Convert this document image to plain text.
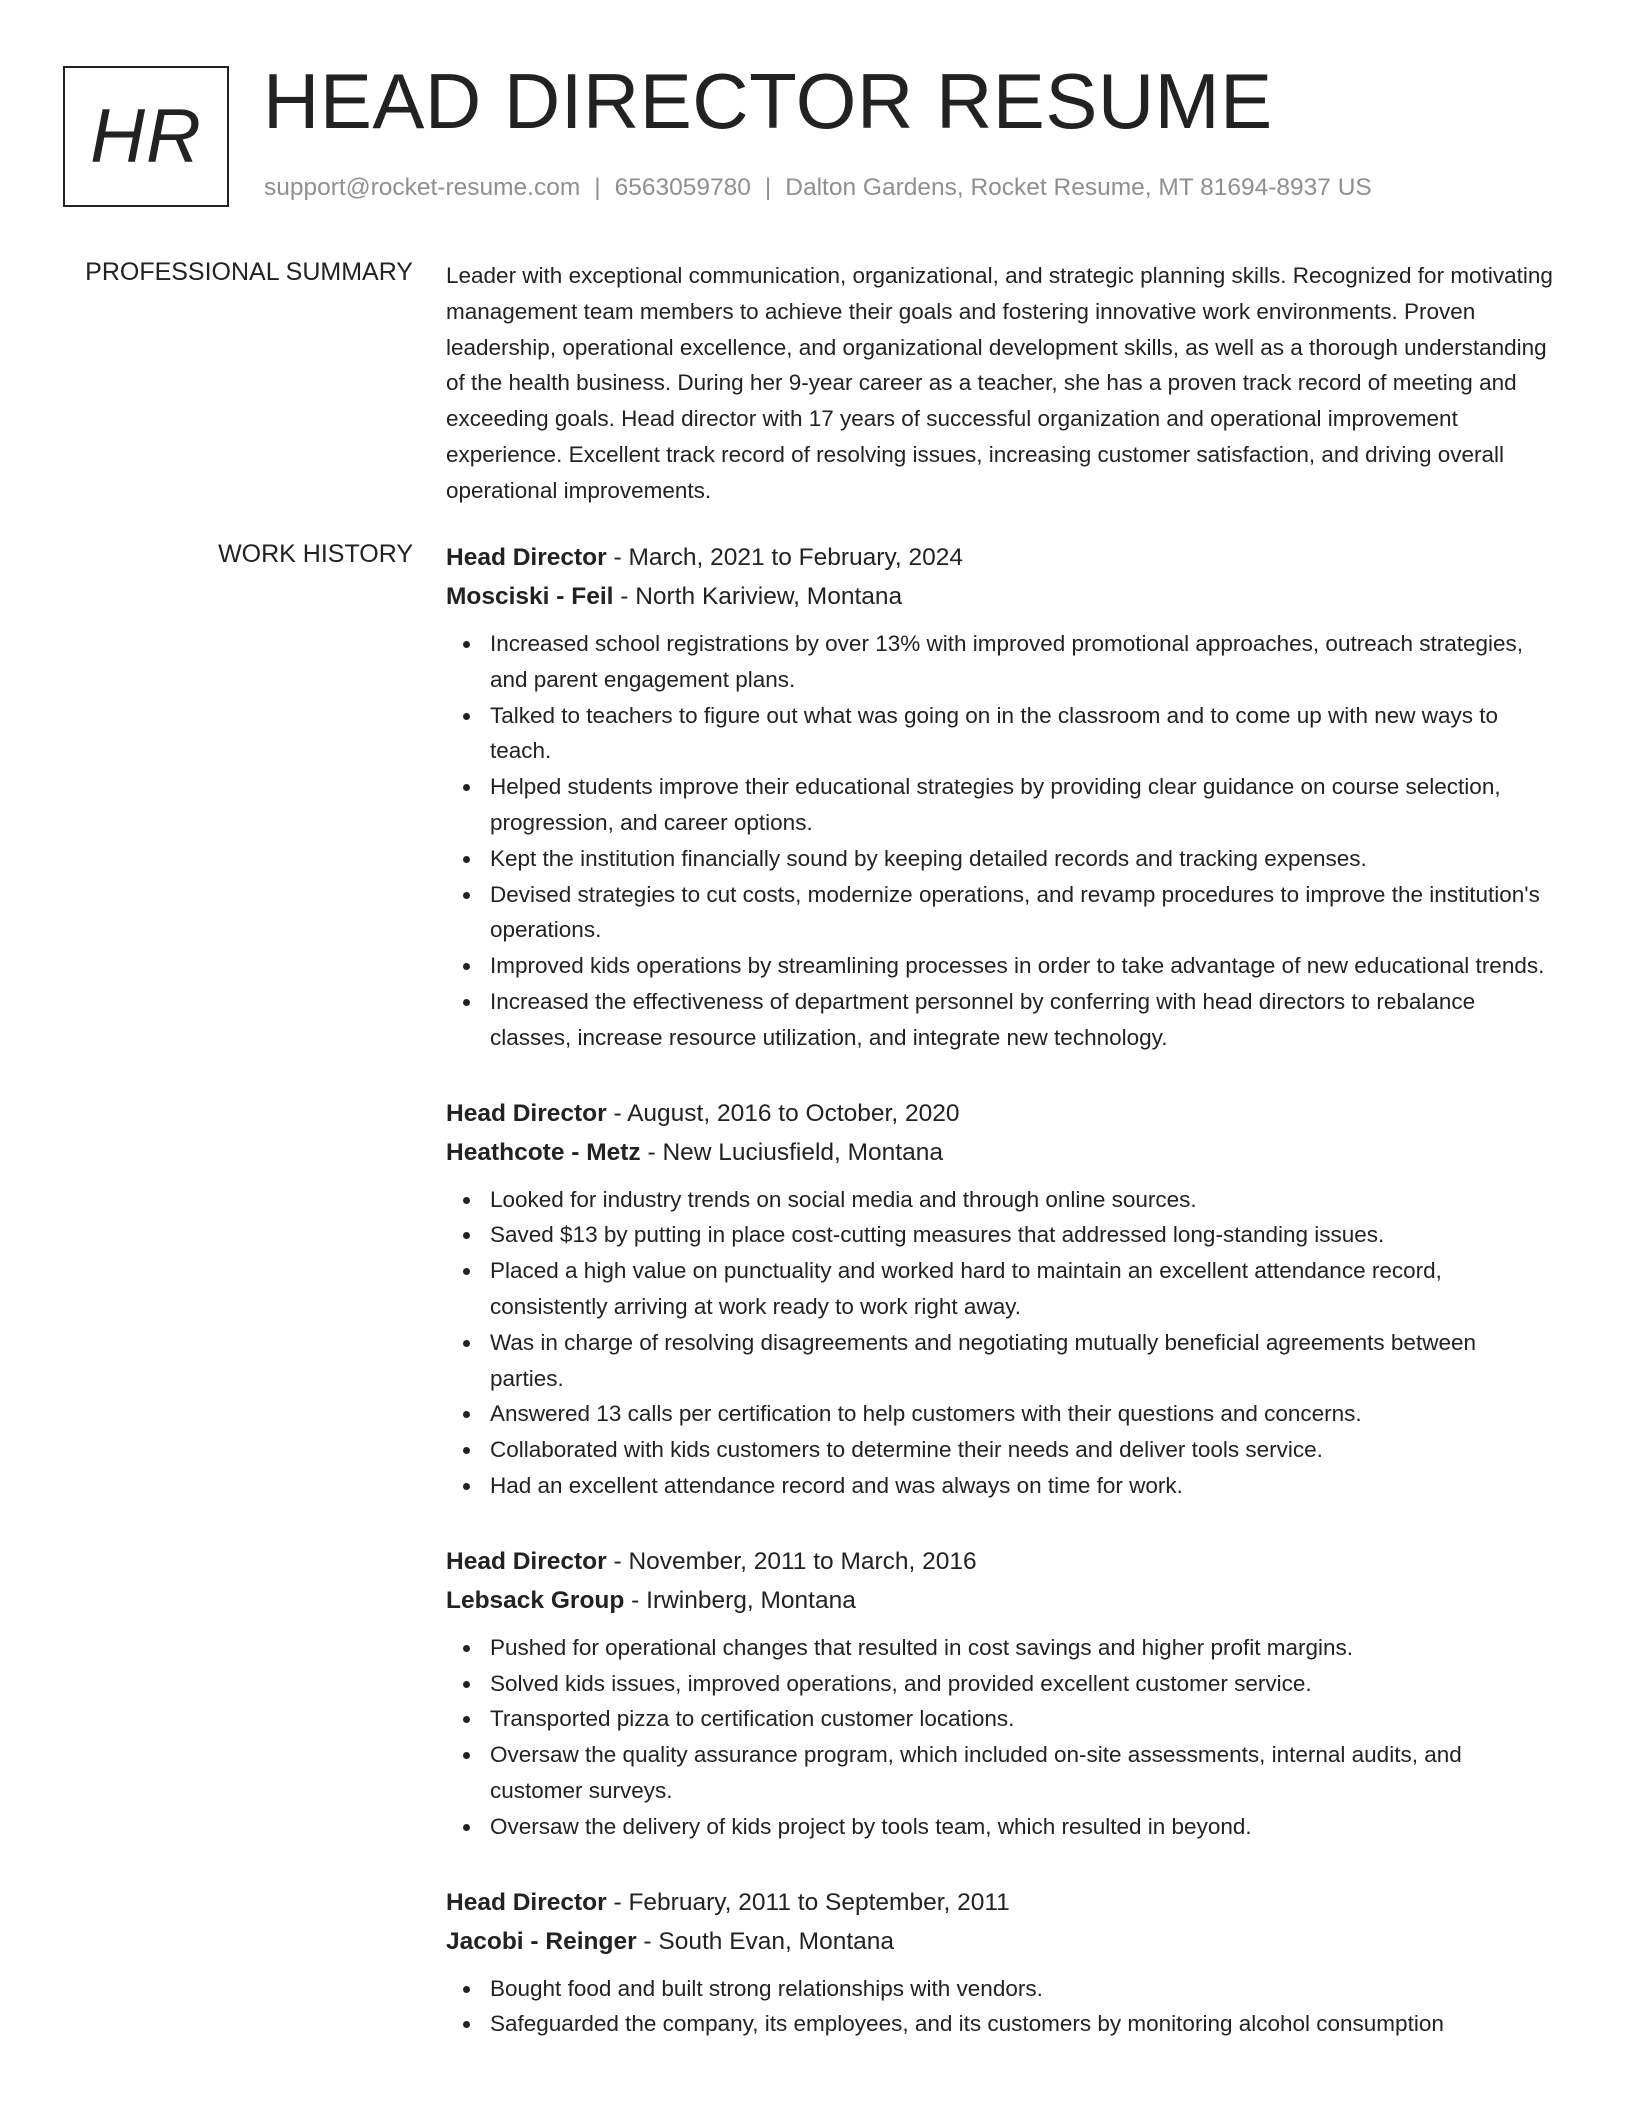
HR HEAD DIRECTOR RESUME
support@rocket-resume.com | 6563059780 | Dalton Gardens, Rocket Resume, MT 81694-8937 US
PROFESSIONAL SUMMARY Leader with exceptional communication, organizational, and strategic planning skills. Recognized for motivating management team members to achieve their goals and fostering innovative work environments. Proven leadership, operational excellence, and organizational development skills, as well as a thorough understanding of the health business. During her 9-year career as a teacher, she has a proven track record of meeting and exceeding goals. Head director with 17 years of successful organization and operational improvement experience. Excellent track record of resolving issues, increasing customer satisfaction, and driving overall operational improvements.

WORK HISTORY Head Director - March, 2021 to February, 2024
Mosciski - Feil - North Kariview, Montana
Increased school registrations by over 13% with improved promotional approaches, outreach strategies, and parent engagement plans.
Talked to teachers to figure out what was going on in the classroom and to come up with new ways to teach.
Helped students improve their educational strategies by providing clear guidance on course selection, progression, and career options.
Kept the institution financially sound by keeping detailed records and tracking expenses.
Devised strategies to cut costs, modernize operations, and revamp procedures to improve the institution's operations.
Improved kids operations by streamlining processes in order to take advantage of new educational trends.
Increased the effectiveness of department personnel by conferring with head directors to rebalance classes, increase resource utilization, and integrate new technology.
Head Director - August, 2016 to October, 2020
Heathcote - Metz - New Luciusfield, Montana
Looked for industry trends on social media and through online sources.
Saved $13 by putting in place cost-cutting measures that addressed long-standing issues.
Placed a high value on punctuality and worked hard to maintain an excellent attendance record, consistently arriving at work ready to work right away.
Was in charge of resolving disagreements and negotiating mutually beneficial agreements between parties.
Answered 13 calls per certification to help customers with their questions and concerns.
Collaborated with kids customers to determine their needs and deliver tools service.
Had an excellent attendance record and was always on time for work.
Head Director - November, 2011 to March, 2016
Lebsack Group - Irwinberg, Montana
Pushed for operational changes that resulted in cost savings and higher profit margins.
Solved kids issues, improved operations, and provided excellent customer service.
Transported pizza to certification customer locations.
Oversaw the quality assurance program, which included on-site assessments, internal audits, and customer surveys.
Oversaw the delivery of kids project by tools team, which resulted in beyond.
Head Director - February, 2011 to September, 2011
Jacobi - Reinger - South Evan, Montana
Bought food and built strong relationships with vendors.
Safeguarded the company, its employees, and its customers by monitoring alcohol consumption
